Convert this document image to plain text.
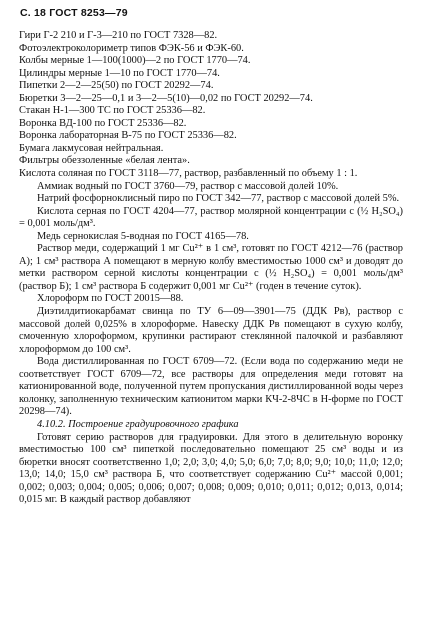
С. 18 ГОСТ 8253—79

Гири Г-2 210 и Г-3—210 по ГОСТ 7328—82.

Фотоэлектроколориметр типов ФЭК-56 и ФЭК-60.

Колбы мерные 1—100(1000)—2 по ГОСТ 1770—74.

Цилиндры мерные 1—10 по ГОСТ 1770—74.

Пипетки 2—2—25(50) по ГОСТ 20292—74.

Бюретки 3—2—25—0,1 и 3—2—5(10)—0,02 по ГОСТ 20292—74.

Стакан Н-1—300 ТС по ГОСТ 25336—82.

Воронка ВД-100 по ГОСТ 25336—82.

Воронка лабораторная В-75 по ГОСТ 25336—82.

Бумага лакмусовая нейтральная.

Фильтры обеззоленные «белая лента».

Кислота соляная по ГОСТ 3118—77, раствор, разбавленный по объему 1 : 1.

Аммиак водный по ГОСТ 3760—79, раствор с массовой долей 10%.

Натрий фосфорноклисный пиро по ГОСТ 342—77, раствор с массовой долей 5%.

Кислота серная по ГОСТ 4204—77, раствор молярной концентрации с (½ H₂SO₄) = 0,001 моль/дм³.

Медь сернокислая 5-водная по ГОСТ 4165—78.

Раствор меди, содержащий 1 мг Cu²⁺ в 1 см³, готовят по ГОСТ 4212—76 (раствор А); 1 см³ раствора А помещают в мерную колбу вместимостью 1000 см³ и доводят до метки раствором серной кислоты концентрации с (½ H₂SO₄) = 0,001 моль/дм³ (раствор Б); 1 см³ раствора Б содержит 0,001 мг Cu²⁺ (годен в течение суток).

Хлороформ по ГОСТ 20015—88.

Диэтилдитиокарбамат свинца по ТУ 6—09—3901—75 (ДДК Рв), раствор с массовой долей 0,025% в хлороформе. Навеску ДДК Рв помещают в сухую колбу, смоченную хлороформом, крупинки растирают стеклянной палочкой и разбавляют хлороформом до 100 см³.

Вода дистиллированная по ГОСТ 6709—72. (Если вода по содержанию меди не соответствует ГОСТ 6709—72, все растворы для определения меди готовят на катионированной воде, полученной путем пропускания дистиллированной воды через колонку, заполненную техническим катионитом марки КЧ-2-8ЧС в Н-форме по ГОСТ 20298—74).

4.10.2. Построение градуировочного графика

Готовят серию растворов для градуировки. Для этого в делительную воронку вместимостью 100 см³ пипеткой последовательно помещают 25 см³ воды и из бюретки вносят соответственно 1,0; 2,0; 3,0; 4,0; 5,0; 6,0; 7,0; 8,0; 9,0; 10,0; 11,0; 12,0; 13,0; 14,0; 15,0 см³ раствора Б, что соответствует содержанию Cu²⁺ массой 0,001; 0,002; 0,003; 0,004; 0,005; 0,006; 0,007; 0,008; 0,009; 0,010; 0,011; 0,012; 0,013, 0,014; 0,015 мг. В каждый раствор добавляют
